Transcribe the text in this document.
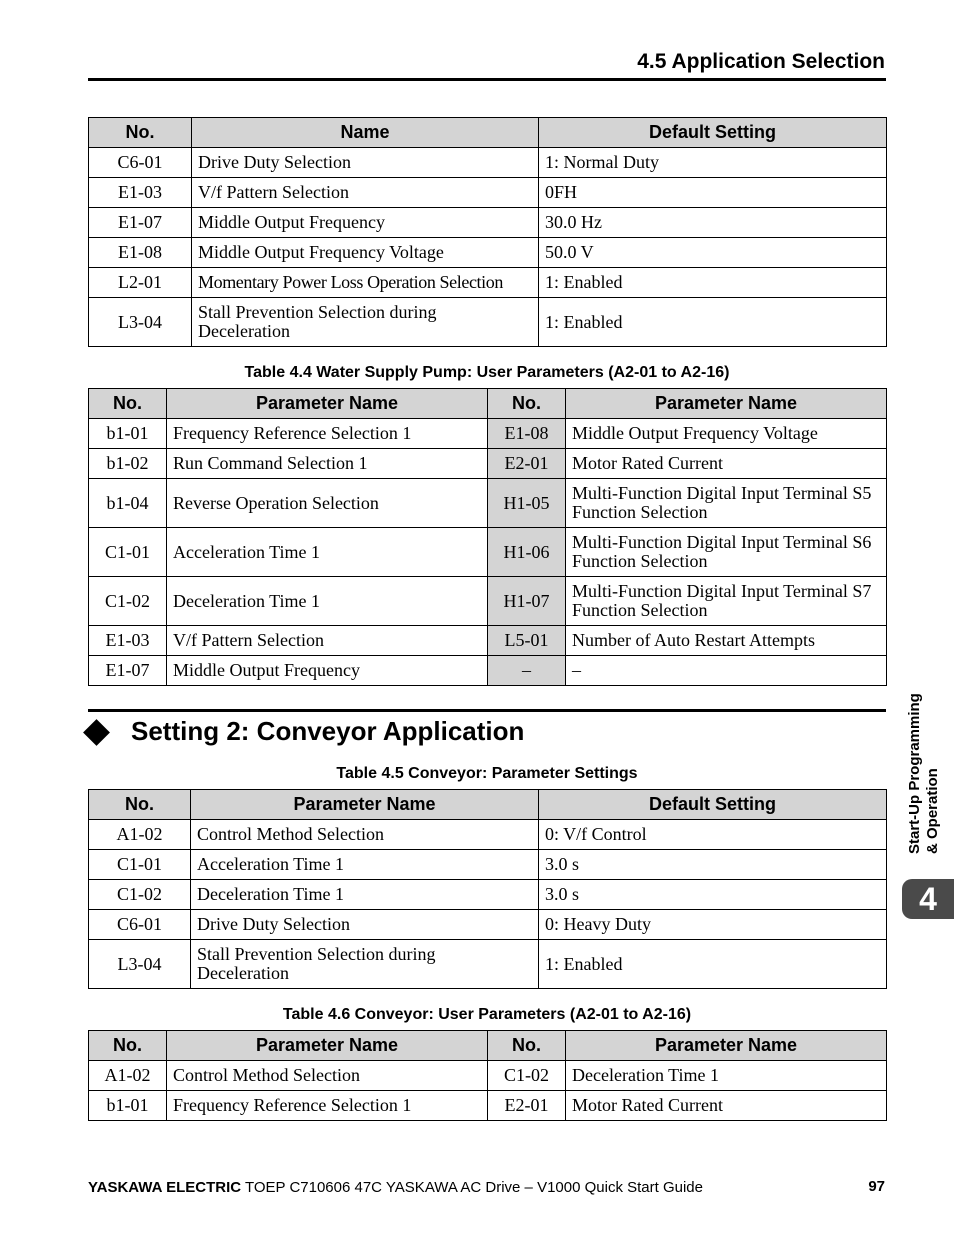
4.5 Application Selection
No.	Name	Default Setting
C6-01	Drive Duty Selection	1: Normal Duty
E1-03	V/f Pattern Selection	0FH
E1-07	Middle Output Frequency	30.0 Hz
E1-08	Middle Output Frequency Voltage	50.0 V
L2-01	Momentary Power Loss Operation Selection	1: Enabled
L3-04	Stall Prevention Selection during Deceleration	1: Enabled
Table 4.4 Water Supply Pump: User Parameters (A2-01 to A2-16)
No.	Parameter Name	No.	Parameter Name
b1-01	Frequency Reference Selection 1	E1-08	Middle Output Frequency Voltage
b1-02	Run Command Selection 1	E2-01	Motor Rated Current
b1-04	Reverse Operation Selection	H1-05	Multi-Function Digital Input Terminal S5 Function Selection
C1-01	Acceleration Time 1	H1-06	Multi-Function Digital Input Terminal S6 Function Selection
C1-02	Deceleration Time 1	H1-07	Multi-Function Digital Input Terminal S7 Function Selection
E1-03	V/f Pattern Selection	L5-01	Number of Auto Restart Attempts
E1-07	Middle Output Frequency	–	–
Setting 2: Conveyor Application
Table 4.5 Conveyor: Parameter Settings
No.	Parameter Name	Default Setting
A1-02	Control Method Selection	0: V/f Control
C1-01	Acceleration Time 1	3.0 s
C1-02	Deceleration Time 1	3.0 s
C6-01	Drive Duty Selection	0: Heavy Duty
L3-04	Stall Prevention Selection during Deceleration	1: Enabled
Table 4.6 Conveyor: User Parameters (A2-01 to A2-16)
No.	Parameter Name	No.	Parameter Name
A1-02	Control Method Selection	C1-02	Deceleration Time 1
b1-01	Frequency Reference Selection 1	E2-01	Motor Rated Current
Start-Up Programming & Operation
4
YASKAWA ELECTRIC TOEP C710606 47C YASKAWA AC Drive – V1000 Quick Start Guide	97
